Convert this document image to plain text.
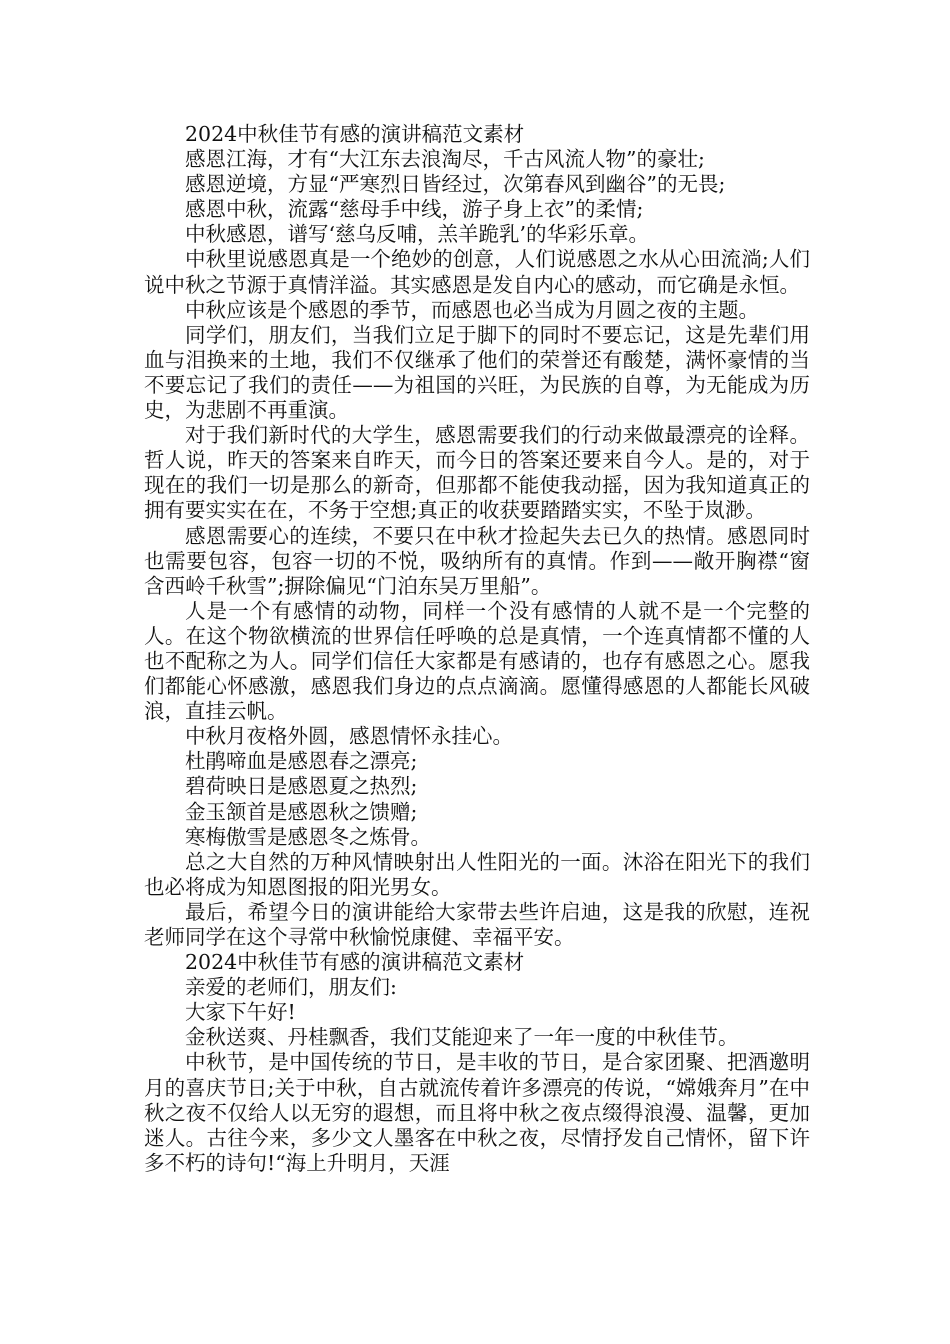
2024中秋佳节有感的演讲稿范文素材

感恩江海，才有“大江东去浪淘尽，千古风流人物”的豪壮;

感恩逆境，方显“严寒烈日皆经过，次第春风到幽谷”的无畏;

感恩中秋，流露“慈母手中线，游子身上衣”的柔情;

中秋感恩，谱写‘慈乌反哺，羔羊跪乳’的华彩乐章。

中秋里说感恩真是一个绝妙的创意，人们说感恩之水从心田流淌;人们说中秋之节源于真情洋溢。其实感恩是发自内心的感动，而它确是永恒。

中秋应该是个感恩的季节，而感恩也必当成为月圆之夜的主题。

同学们，朋友们，当我们立足于脚下的同时不要忘记，这是先辈们用血与泪换来的土地，我们不仅继承了他们的荣誉还有酸楚，满怀豪情的当不要忘记了我们的责任——为祖国的兴旺，为民族的自尊，为无能成为历史，为悲剧不再重演。

对于我们新时代的大学生，感恩需要我们的行动来做最漂亮的诠释。哲人说，昨天的答案来自昨天，而今日的答案还要来自今人。是的，对于现在的我们一切是那么的新奇，但那都不能使我动摇，因为我知道真正的拥有要实实在在，不务于空想;真正的收获要踏踏实实，不坠于岚渺。

感恩需要心的连续，不要只在中秋才捡起失去已久的热情。感恩同时也需要包容，包容一切的不悦，吸纳所有的真情。作到——敞开胸襟“窗含西岭千秋雪”;摒除偏见“门泊东吴万里船”。

人是一个有感情的动物，同样一个没有感情的人就不是一个完整的人。在这个物欲横流的世界信任呼唤的总是真情，一个连真情都不懂的人也不配称之为人。同学们信任大家都是有感请的，也存有感恩之心。愿我们都能心怀感激，感恩我们身边的点点滴滴。愿懂得感恩的人都能长风破浪，直挂云帆。

中秋月夜格外圆，感恩情怀永挂心。

杜鹃啼血是感恩春之漂亮;

碧荷映日是感恩夏之热烈;

金玉颔首是感恩秋之馈赠;

寒梅傲雪是感恩冬之炼骨。

总之大自然的万种风情映射出人性阳光的一面。沐浴在阳光下的我们也必将成为知恩图报的阳光男女。

最后，希望今日的演讲能给大家带去些许启迪，这是我的欣慰，连祝老师同学在这个寻常中秋愉悦康健、幸福平安。

2024中秋佳节有感的演讲稿范文素材

亲爱的老师们，朋友们:

大家下午好!

金秋送爽、丹桂飘香，我们艾能迎来了一年一度的中秋佳节。

中秋节，是中国传统的节日，是丰收的节日，是合家团聚、把酒邀明月的喜庆节日;关于中秋，自古就流传着许多漂亮的传说，“嫦娥奔月”在中秋之夜不仅给人以无穷的遐想，而且将中秋之夜点缀得浪漫、温馨，更加迷人。古往今来，多少文人墨客在中秋之夜，尽情抒发自己情怀，留下许多不朽的诗句!“海上升明月，天涯
